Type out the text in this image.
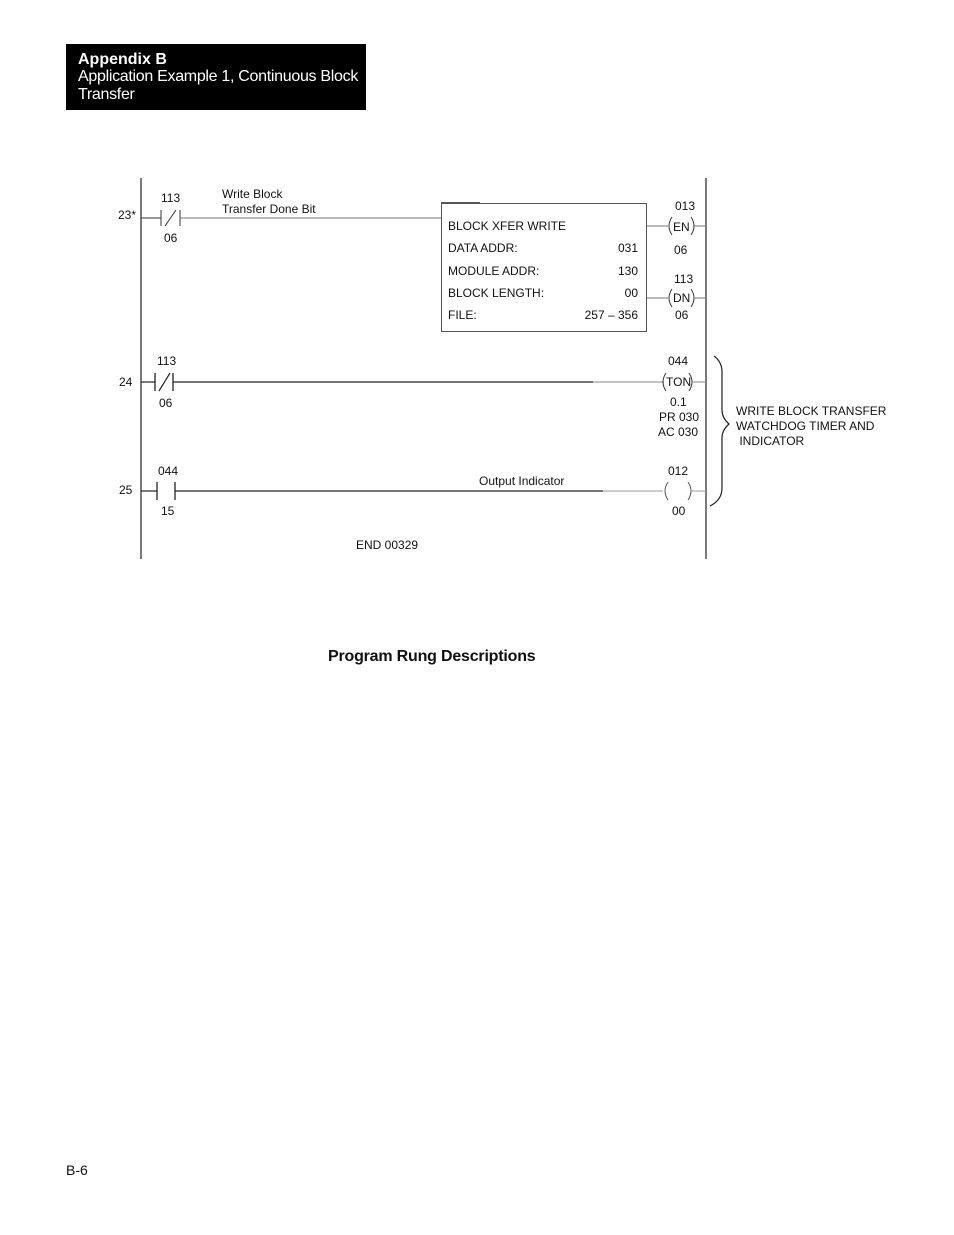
Appendix B
Application Example 1, Continuous Block
Transfer
23*
113
06
Write Block
Transfer Done Bit
BLOCK XFER WRITE
DATA ADDR:	031
MODULE ADDR:	130
BLOCK LENGTH:	00
FILE:	257 – 356
013
EN
06
113
DN
06
24
113
06
044
TON
0.1
PR 030
AC 030
25
044
15
Output Indicator
012
00
END 00329
WRITE BLOCK TRANSFER
WATCHDOG TIMER AND
INDICATOR
Program Rung Descriptions
B-6
